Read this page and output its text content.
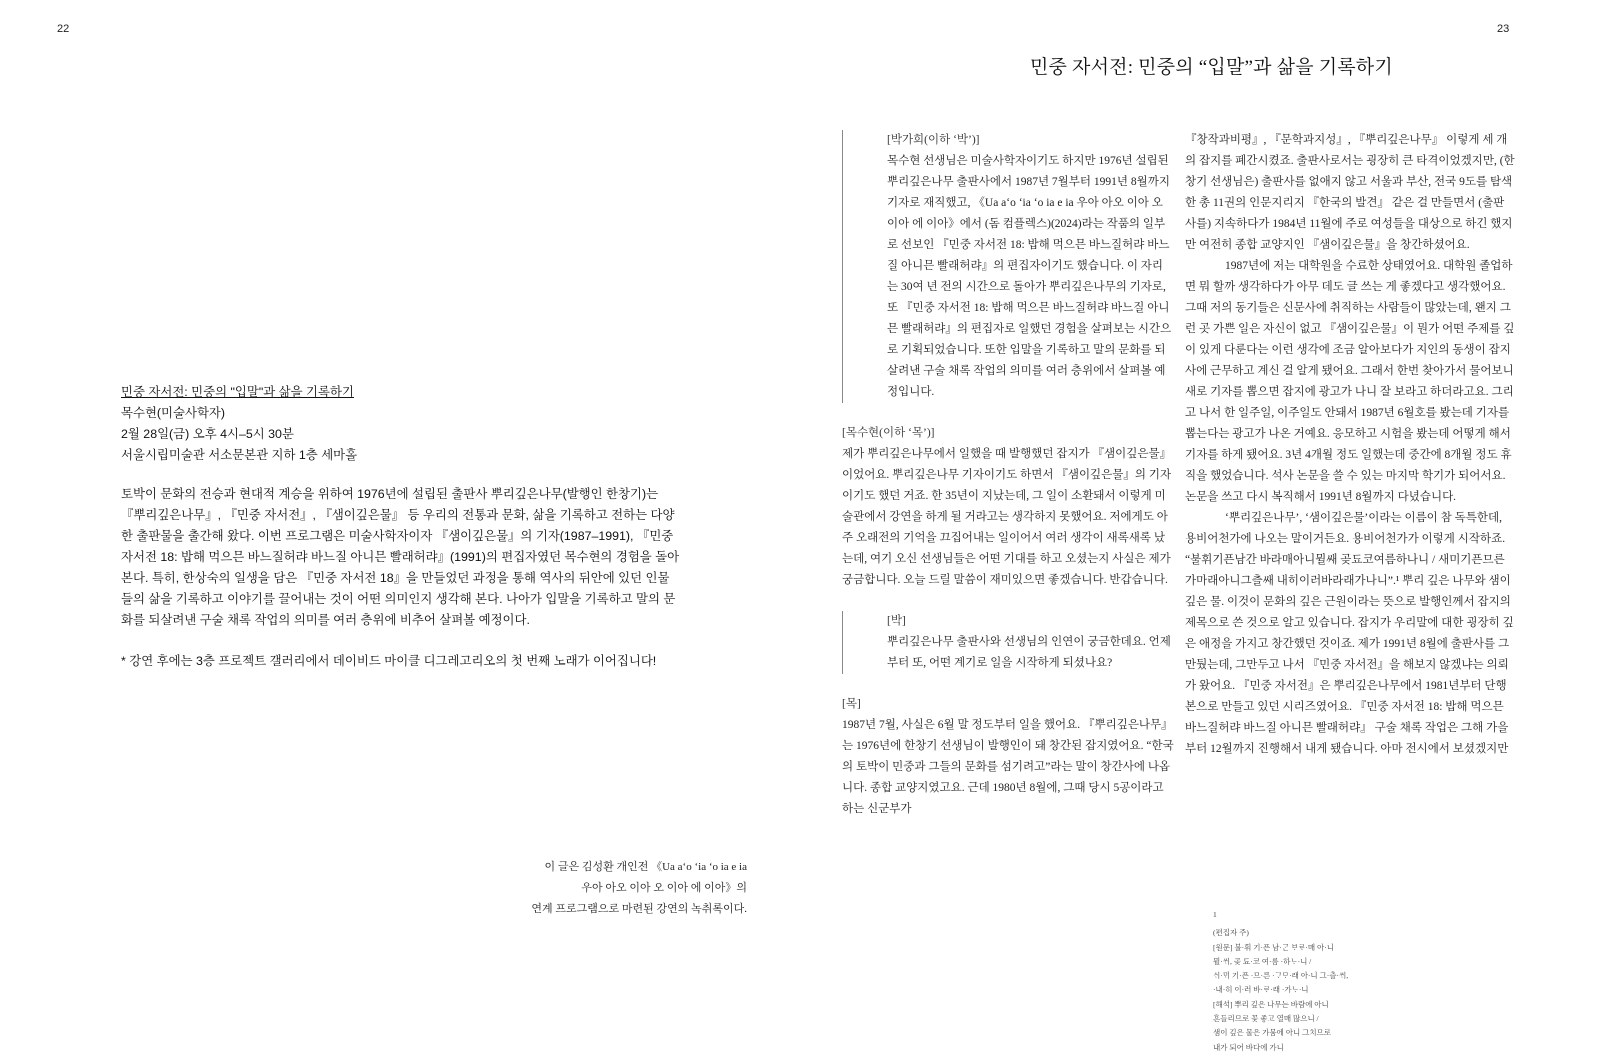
22	23
민중 자서전: 민중의 “입말”과 삶을 기록하기

민중 자서전: 민중의 "입말"과 삶을 기록하기

목수현(미술사학자)

2월 28일(금) 오후 4시–5시 30분

서울시립미술관 서소문본관 지하 1층 세마홀

토박이 문화의 전승과 현대적 계승을 위하여 1976년에 설립된 출판사 뿌리깊은나무(발행인 한창기)는 『뿌리깊은나무』, 『민중 자서전』, 『샘이깊은물』 등 우리의 전통과 문화, 삶을 기록하고 전하는 다양한 출판물을 출간해 왔다. 이번 프로그램은 미술사학자이자 『샘이깊은물』의 기자(1987–1991), 『민중 자서전 18: 밥해 먹으믄 바느질허랴 바느질 아니믄 빨래허랴』(1991)의 편집자였던 목수현의 경험을 돌아본다. 특히, 한상숙의 일생을 담은 『민중 자서전 18』을 만들었던 과정을 통해 역사의 뒤안에 있던 인물들의 삶을 기록하고 이야기를 끌어내는 것이 어떤 의미인지 생각해 본다. 나아가 입말을 기록하고 말의 문화를 되살려낸 구술 채록 작업의 의미를 여러 층위에 비추어 살펴볼 예정이다.

* 강연 후에는 3층 프로젝트 갤러리에서 데이비드 마이클 디그레고리오의 첫 번째 노래가 이어집니다!

이 글은 김성환 개인전 《Ua a‘o ‘ia ‘o ia e ia
우아 아오 이아 오 이아 에 이아》의
연계 프로그램으로 마련된 강연의 녹취록이다.

[박가희(이하 ‘박’)]

목수현 선생님은 미술사학자이기도 하지만 1976년 설립된 뿌리깊은나무 출판사에서 1987년 7월부터 1991년 8월까지 기자로 재직했고, 《Ua a‘o ‘ia ‘o ia e ia 우아 아오 이아 오 이아 에 이아》에서 (돔 컴플렉스)(2024)라는 작품의 일부로 선보인 『민중 자서전 18: 밥해 먹으믄 바느질허랴 바느질 아니믄 빨래허랴』의 편집자이기도 했습니다. 이 자리는 30여 년 전의 시간으로 돌아가 뿌리깊은나무의 기자로, 또 『민중 자서전 18: 밥해 먹으믄 바느질허랴 바느질 아니믄 빨래허랴』의 편집자로 일했던 경험을 살펴보는 시간으로 기획되었습니다. 또한 입말을 기록하고 말의 문화를 되살려낸 구술 채록 작업의 의미를 여러 층위에서 살펴볼 예정입니다.

[목수현(이하 ‘목’)]

제가 뿌리깊은나무에서 일했을 때 발행했던 잡지가 『샘이깊은물』이었어요. 뿌리깊은나무 기자이기도 하면서 『샘이깊은물』의 기자이기도 했던 거죠. 한 35년이 지났는데, 그 일이 소환돼서 이렇게 미술관에서 강연을 하게 될 거라고는 생각하지 못했어요. 저에게도 아주 오래전의 기억을 끄집어내는 일이어서 여러 생각이 새록새록 났는데, 여기 오신 선생님들은 어떤 기대를 하고 오셨는지 사실은 제가 궁금합니다. 오늘 드릴 말씀이 재미있으면 좋겠습니다. 반갑습니다.

[박]

뿌리깊은나무 출판사와 선생님의 인연이 궁금한데요. 언제부터 또, 어떤 계기로 일을 시작하게 되셨나요?

[목]

1987년 7월, 사실은 6월 말 정도부터 일을 했어요. 『뿌리깊은나무』는 1976년에 한창기 선생님이 발행인이 돼 창간된 잡지였어요. “한국의 토박이 민중과 그들의 문화를 섬기려고”라는 말이 창간사에 나옵니다. 종합 교양지였고요. 근데 1980년 8월에, 그때 당시 5공이라고 하는 신군부가

『창작과비평』, 『문학과지성』, 『뿌리깊은나무』 이렇게 세 개의 잡지를 폐간시켰죠. 출판사로서는 굉장히 큰 타격이었겠지만, (한창기 선생님은) 출판사를 없애지 않고 서울과 부산, 전국 9도를 탐색한 총 11권의 인문지리지 『한국의 발견』 같은 걸 만들면서 (출판사를) 지속하다가 1984년 11월에 주로 여성들을 대상으로 하긴 했지만 여전히 종합 교양지인 『샘이깊은물』을 창간하셨어요.

1987년에 저는 대학원을 수료한 상태였어요. 대학원 졸업하면 뭐 할까 생각하다가 아무 데도 글 쓰는 게 좋겠다고 생각했어요. 그때 저의 동기들은 신문사에 취직하는 사람들이 많았는데, 왠지 그런 곳 가쁜 일은 자신이 없고 『샘이깊은물』이 뭔가 어떤 주제를 깊이 있게 다룬다는 이런 생각에 조금 알아보다가 지인의 동생이 잡지사에 근무하고 계신 걸 알게 됐어요. 그래서 한번 찾아가서 물어보니 새로 기자를 뽑으면 잡지에 광고가 나니 잘 보라고 하더라고요. 그리고 나서 한 일주일, 이주일도 안돼서 1987년 6월호를 봤는데 기자를 뽑는다는 광고가 나온 거예요. 응모하고 시험을 봤는데 어떻게 해서 기자를 하게 됐어요. 3년 4개월 정도 일했는데 중간에 8개월 정도 휴직을 했었습니다. 석사 논문을 쓸 수 있는 마지막 학기가 되어서요. 논문을 쓰고 다시 복직해서 1991년 8월까지 다녔습니다.

‘뿌리깊은나무’, ‘샘이깊은물’이라는 이름이 참 독특한데, 용비어천가에 나오는 말이거든요. 용비어천가가 이렇게 시작하죠. “불휘기픈남간 바라매아니뮐쌔 곶됴코여름하나니 / 새미기픈므른 가마래아니그츨쌔 내히이러바라래가나니”.¹ 뿌리 깊은 나무와 샘이 깊은 물. 이것이 문화의 깊은 근원이라는 뜻으로 발행인께서 잡지의 제목으로 쓴 것으로 알고 있습니다. 잡지가 우리말에 대한 굉장히 깊은 애정을 가지고 창간했던 것이죠. 제가 1991년 8월에 출판사를 그만뒀는데, 그만두고 나서 『민중 자서전』을 해보지 않겠냐는 의뢰가 왔어요. 『민중 자서전』은 뿌리깊은나무에서 1981년부터 단행본으로 만들고 있던 시리즈였어요. 『민중 자서전 18: 밥해 먹으믄 바느질허랴 바느질 아니믄 빨래허랴』 구술 채록 작업은 그해 가을부터 12월까지 진행해서 내게 됐습니다. 아마 전시에서 보셨겠지만

1

(편집자 주)

[원문] 불·휘 기·픈 남·ᄀᆞᆫ ᄇᆞᄅᆞ·매 아·니

뮐·ᄊᆡ, 곶 됴·코 여·름 ·하ᄂᆞ·니 /

ᄉᆡ·ᄆᆡ 기·픈 ·므·른 ·ᄀᆞᄆᆞ·래 아·니 그·츨·ᄊᆡ,

·내·히 이·러 바·ᄅᆞ·래 ·가ᄂᆞ·니

[해석] 뿌리 깊은 나무는 바람에 아니

흔들리므로 꽃 좋고 열매 많으니 /

샘이 깊은 물은 가뭄에 아니 그치므로

내가 되어 바다에 가니
